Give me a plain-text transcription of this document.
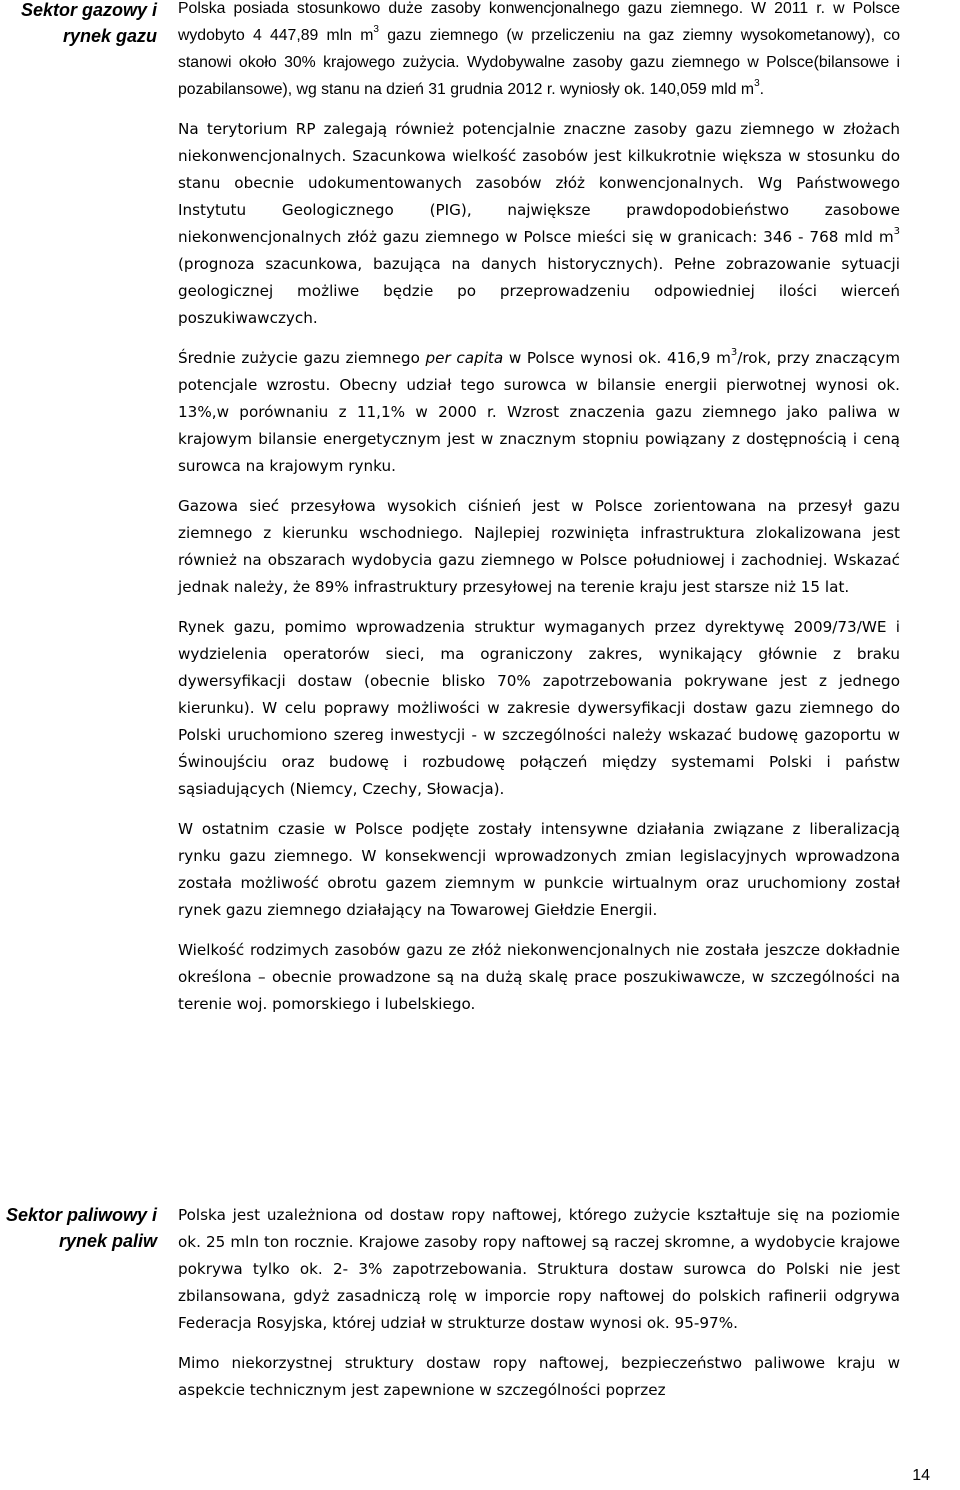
Sektor gazowy i rynek gazu
Sektor paliwowy i rynek paliw

Polska posiada stosunkowo duże zasoby konwencjonalnego gazu ziemnego. W 2011 r. w Polsce wydobyto 4 447,89 mln $m^3$ gazu ziemnego (w przeliczeniu na gaz ziemny wysokometanowy), co stanowi około 30% krajowego zużycia. Wydobywalne zasoby gazu ziemnego w Polsce(bilansowe i pozabilansowe), wg stanu na dzień 31 grudnia 2012 r. wyniosły ok. 140,059 mld $m^3$.

Na terytorium RP zalegają również potencjalnie znaczne zasoby gazu ziemnego w złożach niekonwencjonalnych. Szacunkowa wielkość zasobów jest kilkukrotnie większa w stosunku do stanu obecnie udokumentowanych zasobów złóż konwencjonalnych. Wg Państwowego Instytutu Geologicznego (PIG), największe prawdopodobieństwo zasobowe niekonwencjonalnych złóż gazu ziemnego w Polsce mieści się w granicach: 346 - 768 mld $m^3$ (prognoza szacunkowa, bazująca na danych historycznych). Pełne zobrazowanie sytuacji geologicznej możliwe będzie po przeprowadzeniu odpowiedniej ilości wierceń poszukiwawczych.

Średnie zużycie gazu ziemnego per capita w Polsce wynosi ok. 416,9 $m^3$/rok, przy znaczącym potencjale wzrostu. Obecny udział tego surowca w bilansie energii pierwotnej wynosi ok. 13%,w porównaniu z 11,1% w 2000 r. Wzrost znaczenia gazu ziemnego jako paliwa w krajowym bilansie energetycznym jest w znacznym stopniu powiązany z dostępnością i ceną surowca na krajowym rynku.

Gazowa sieć przesyłowa wysokich ciśnień jest w Polsce zorientowana na przesył gazu ziemnego z kierunku wschodniego. Najlepiej rozwinięta infrastruktura zlokalizowana jest również na obszarach wydobycia gazu ziemnego w Polsce południowej i zachodniej. Wskazać jednak należy, że 89% infrastruktury przesyłowej na terenie kraju jest starsze niż 15 lat.

Rynek gazu, pomimo wprowadzenia struktur wymaganych przez dyrektywę 2009/73/WE i wydzielenia operatorów sieci, ma ograniczony zakres, wynikający głównie z braku dywersyfikacji dostaw (obecnie blisko 70% zapotrzebowania pokrywane jest z jednego kierunku). W celu poprawy możliwości w zakresie dywersyfikacji dostaw gazu ziemnego do Polski uruchomiono szereg inwestycji - w szczególności należy wskazać budowę gazoportu w Świnoujściu oraz budowę i rozbudowę połączeń między systemami Polski i państw sąsiadujących (Niemcy, Czechy, Słowacja).

W ostatnim czasie w Polsce podjęte zostały intensywne działania związane z liberalizacją rynku gazu ziemnego. W konsekwencji wprowadzonych zmian legislacyjnych wprowadzona została możliwość obrotu gazem ziemnym w punkcie wirtualnym oraz uruchomiony został rynek gazu ziemnego działający na Towarowej Giełdzie Energii.

Wielkość rodzimych zasobów gazu ze złóż niekonwencjonalnych nie została jeszcze dokładnie określona – obecnie prowadzone są na dużą skalę prace poszukiwawcze, w szczególności na terenie woj. pomorskiego i lubelskiego.

Polska jest uzależniona od dostaw ropy naftowej, którego zużycie kształtuje się na poziomie ok. 25 mln ton rocznie. Krajowe zasoby ropy naftowej są raczej skromne, a wydobycie krajowe pokrywa tylko ok. 2- 3% zapotrzebowania. Struktura dostaw surowca do Polski nie jest zbilansowana, gdyż zasadniczą rolę w imporcie ropy naftowej do polskich rafinerii odgrywa Federacja Rosyjska, której udział w strukturze dostaw wynosi ok. 95-97%.

Mimo niekorzystnej struktury dostaw ropy naftowej, bezpieczeństwo paliwowe kraju w aspekcie technicznym jest zapewnione w szczególności poprzez

14
